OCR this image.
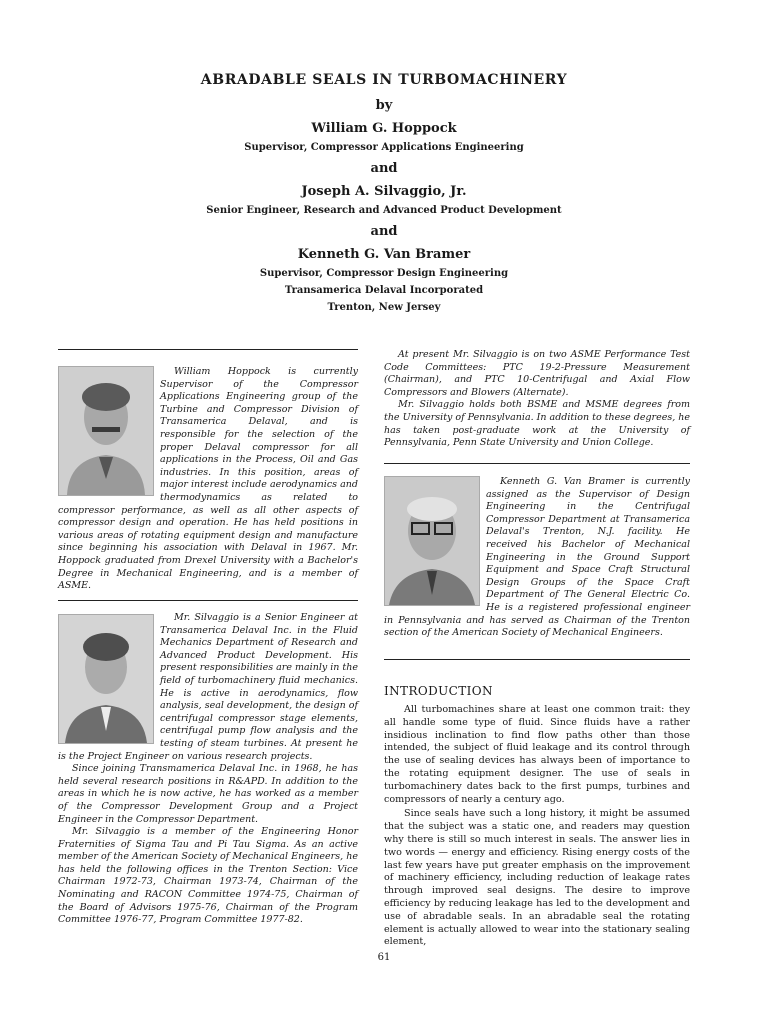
ABRADABLE SEALS IN TURBOMACHINERY
by
William G. Hoppock
Supervisor, Compressor Applications Engineering
and
Joseph A. Silvaggio, Jr.
Senior Engineer, Research and Advanced Product Development
and
Kenneth G. Van Bramer
Supervisor, Compressor Design Engineering
Transamerica Delaval Incorporated
Trenton, New Jersey

William Hoppock is currently Supervisor of the Compressor Applications Engineering group of the Turbine and Compressor Division of Transamerica Delaval, and is responsible for the selection of the proper Delaval compressor for all applications in the Process, Oil and Gas industries. In this position, areas of major interest include aerodynamics and thermodynamics as related to compressor performance, as well as all other aspects of compressor design and operation. He has held positions in various areas of rotating equipment design and manufacture since beginning his association with Delaval in 1967. Mr. Hoppock graduated from Drexel University with a Bachelor's Degree in Mechanical Engineering, and is a member of ASME.

Mr. Silvaggio is a Senior Engineer at Transamerica Delaval Inc. in the Fluid Mechanics Department of Research and Advanced Product Development. His present responsibilities are mainly in the field of turbomachinery fluid mechanics. He is active in aerodynamics, flow analysis, seal development, the design of centrifugal compressor stage elements, centrifugal pump flow analysis and the testing of steam turbines. At present he is the Project Engineer on various research projects.

Since joining Transmamerica Delaval Inc. in 1968, he has held several research positions in R&APD. In addition to the areas in which he is now active, he has worked as a member of the Compressor Development Group and a Project Engineer in the Compressor Department.

Mr. Silvaggio is a member of the Engineering Honor Fraternities of Sigma Tau and Pi Tau Sigma. As an active member of the American Society of Mechanical Engineers, he has held the following offices in the Trenton Section: Vice Chairman 1972-73, Chairman 1973-74, Chairman of the Nominating and RACON Committee 1974-75, Chairman of the Board of Advisors 1975-76, Chairman of the Program Committee 1976-77, Program Committee 1977-82.

At present Mr. Silvaggio is on two ASME Performance Test Code Committees: PTC 19-2-Pressure Measurement (Chairman), and PTC 10-Centrifugal and Axial Flow Compressors and Blowers (Alternate).

Mr. Silvaggio holds both BSME and MSME degrees from the University of Pennsylvania. In addition to these degrees, he has taken post-graduate work at the University of Pennsylvania, Penn State University and Union College.

Kenneth G. Van Bramer is currently assigned as the Supervisor of Design Engineering in the Centrifugal Compressor Department at Transamerica Delaval's Trenton, N.J. facility. He received his Bachelor of Mechanical Engineering in the Ground Support Equipment and Space Craft Structural Design Groups of the Space Craft Department of The General Electric Co. He is a registered professional engineer in Pennsylvania and has served as Chairman of the Trenton section of the American Society of Mechanical Engineers.

INTRODUCTION

All turbomachines share at least one common trait: they all handle some type of fluid. Since fluids have a rather insidious inclination to find flow paths other than those intended, the subject of fluid leakage and its control through the use of sealing devices has always been of importance to the rotating equipment designer. The use of seals in turbomachinery dates back to the first pumps, turbines and compressors of nearly a century ago.

Since seals have such a long history, it might be assumed that the subject was a static one, and readers may question why there is still so much interest in seals. The answer lies in two words — energy and efficiency. Rising energy costs of the last few years have put greater emphasis on the improvement of machinery efficiency, including reduction of leakage rates through improved seal designs. The desire to improve efficiency by reducing leakage has led to the development and use of abradable seals. In an abradable seal the rotating element is actually allowed to wear into the stationary sealing element,

61
